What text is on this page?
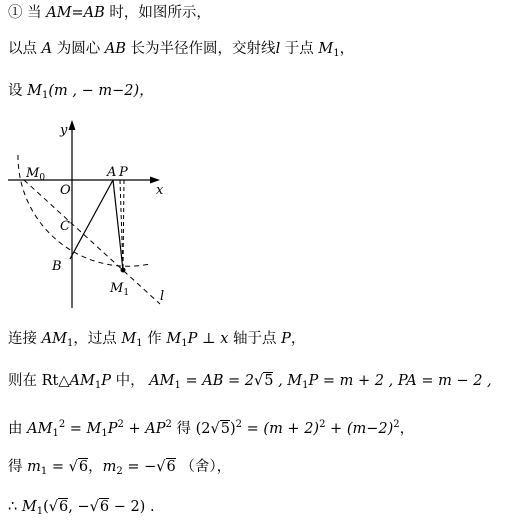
① 当 AM=AB 时，如图所示，
以点 A 为圆心 AB 长为半径作圆，交射线l 于点 $M_1$，
设 $M_1(m$ , − m−2)，
y
x
O
A P
$M_0$
C
B
$M_1$ l
连接 $AM_1$，过点 $M_1$ 作 $M_1P$ ⊥ x 轴于点 P，
则在 $Rt\triangle AM_1P$ 中， $AM_1$ = AB = 2√5 , $M_1P = m + 2$ , PA = m − 2 ,
由 $AM_1^2 = M_1P^2 + AP^2$ 得 $(2√5)^2 = (m + 2)^2 + (m-2)^2$，
得 $m_1 = √6$，$m_2 = -√6$ （舍），
∴ $M_1(√6$, −√6 − 2) .
